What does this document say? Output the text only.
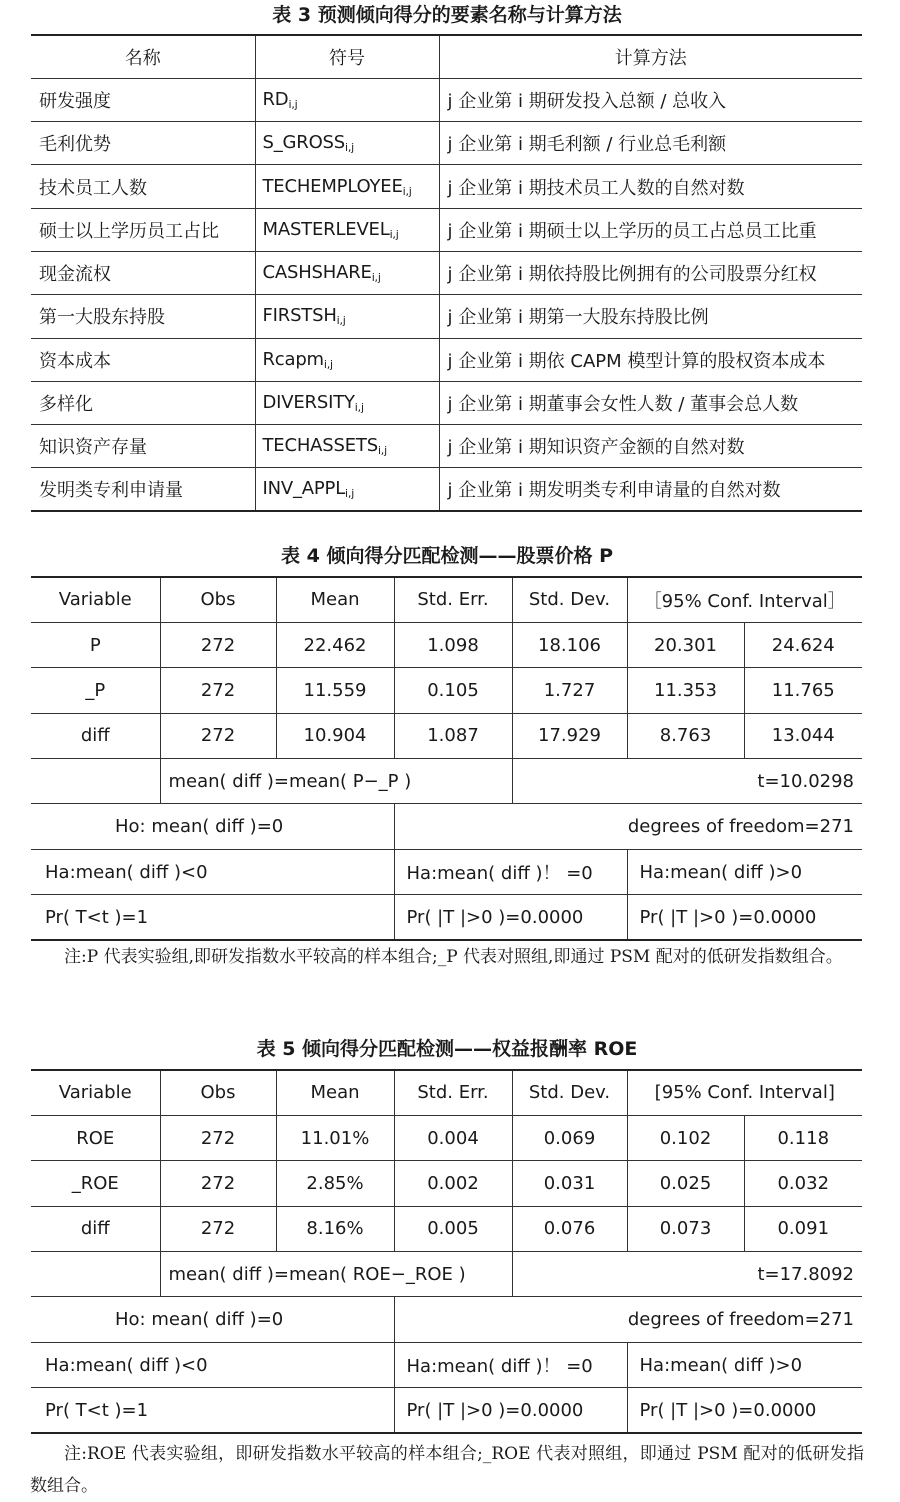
表 3 预测倾向得分的要素名称与计算方法
名称	符号	计算方法
研发强度	$RD_{i,j}$	j 企业第 i 期研发投入总额 / 总收入
毛利优势	$S\_GROSS_{i,j}$	j 企业第 i 期毛利额 / 行业总毛利额
技术员工人数	$TECHEMPLOYEE_{i,j}$	j 企业第 i 期技术员工人数的自然对数
硕士以上学历员工占比	$MASTERLEVEL_{i,j}$	j 企业第 i 期硕士以上学历的员工占总员工比重
现金流权	$CASHSHARE_{i,j}$	j 企业第 i 期依持股比例拥有的公司股票分红权
第一大股东持股	$FIRSTSH_{i,j}$	j 企业第 i 期第一大股东持股比例
资本成本	Rcapm$_{i,j}$	j 企业第 i 期依 CAPM 模型计算的股权资本成本
多样化	$DIVERSITY_{i,j}$	j 企业第 i 期董事会女性人数 / 董事会总人数
知识资产存量	$TECHASSETS_{i,j}$	j 企业第 i 期知识资产金额的自然对数
发明类专利申请量	$INV\_APPL_{i,j}$	j 企业第 i 期发明类专利申请量的自然对数
表 4 倾向得分匹配检测——股票价格 P
Variable	Obs	Mean	Std. Err.	Std. Dev.	［95% Conf. Interval］	
P	272	22.462	1.098	18.106	20.301	24.624
_P	272	11.559	0.105	1.727	11.353	11.765
diff	272	10.904	1.087	17.929	8.763	13.044
	mean( diff )=mean( P−_P )			t=10.0298		
Ho: mean( diff )=0			degrees of freedom=271			
Ha:mean( diff )<0			Ha:mean( diff )！ =0		Ha:mean( diff )>0	
Pr( T<t )=1			Pr( |T |>0 )=0.0000		Pr( |T |>0 )=0.0000	
注:P 代表实验组,即研发指数水平较高的样本组合;_P 代表对照组,即通过 PSM 配对的低研发指数组合。
表 5 倾向得分匹配检测——权益报酬率 ROE
Variable	Obs	Mean	Std. Err.	Std. Dev.	[95% Conf. Interval]	
ROE	272	11.01%	0.004	0.069	0.102	0.118
_ROE	272	2.85%	0.002	0.031	0.025	0.032
diff	272	8.16%	0.005	0.076	0.073	0.091
	mean( diff )=mean( ROE−_ROE )			t=17.8092		
Ho: mean( diff )=0			degrees of freedom=271			
Ha:mean( diff )<0			Ha:mean( diff )！ =0		Ha:mean( diff )>0	
Pr( T<t )=1			Pr( |T |>0 )=0.0000		Pr( |T |>0 )=0.0000	
注:ROE 代表实验组，即研发指数水平较高的样本组合;_ROE 代表对照组，即通过 PSM 配对的低研发指数组合。
